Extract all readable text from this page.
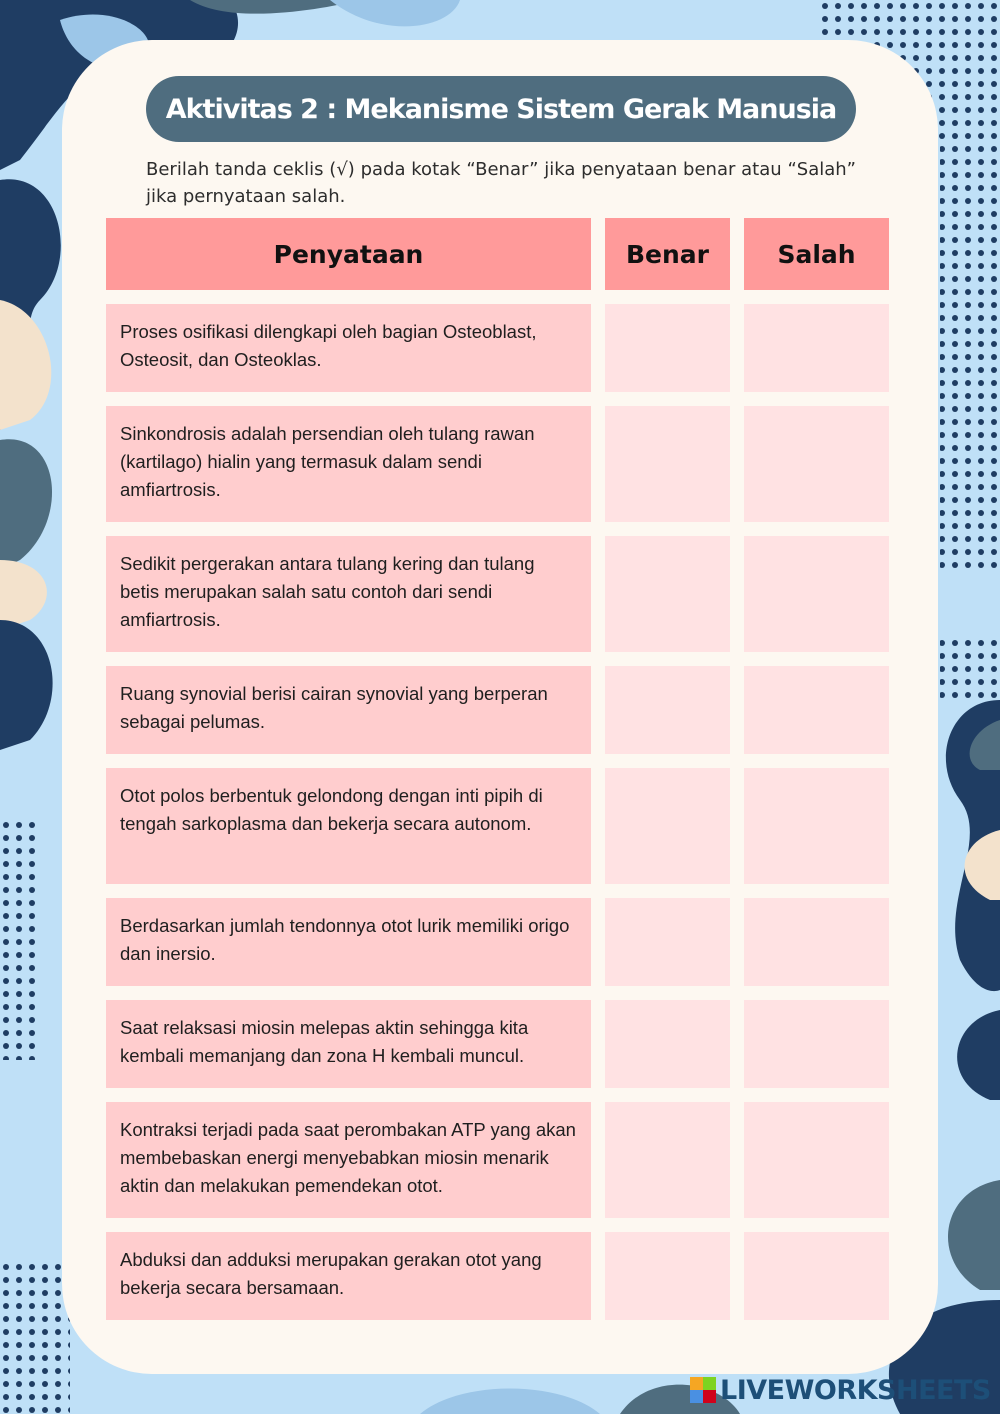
Aktivitas 2 : Mekanisme Sistem Gerak Manusia
Berilah tanda ceklis (√) pada kotak “Benar” jika penyataan benar atau “Salah” jika pernyataan salah.
Penyataan	Benar	Salah
Proses osifikasi dilengkapi oleh bagian Osteoblast, Osteosit, dan Osteoklas.
Sinkondrosis adalah persendian oleh tulang rawan (kartilago) hialin yang termasuk dalam sendi amfiartrosis.
Sedikit pergerakan antara tulang kering dan tulang betis merupakan salah satu contoh dari sendi amfiartrosis.
Ruang synovial berisi cairan synovial yang berperan sebagai pelumas.
Otot polos berbentuk gelondong dengan inti pipih di tengah sarkoplasma dan bekerja secara autonom.
Berdasarkan jumlah tendonnya otot lurik memiliki origo dan inersio.
Saat relaksasi miosin melepas aktin sehingga kita kembali memanjang dan zona H kembali muncul.
Kontraksi terjadi pada saat perombakan ATP yang akan membebaskan energi menyebabkan miosin menarik aktin dan melakukan pemendekan otot.
Abduksi dan adduksi merupakan gerakan otot yang bekerja secara bersamaan.
LIVEWORKSHEETS
